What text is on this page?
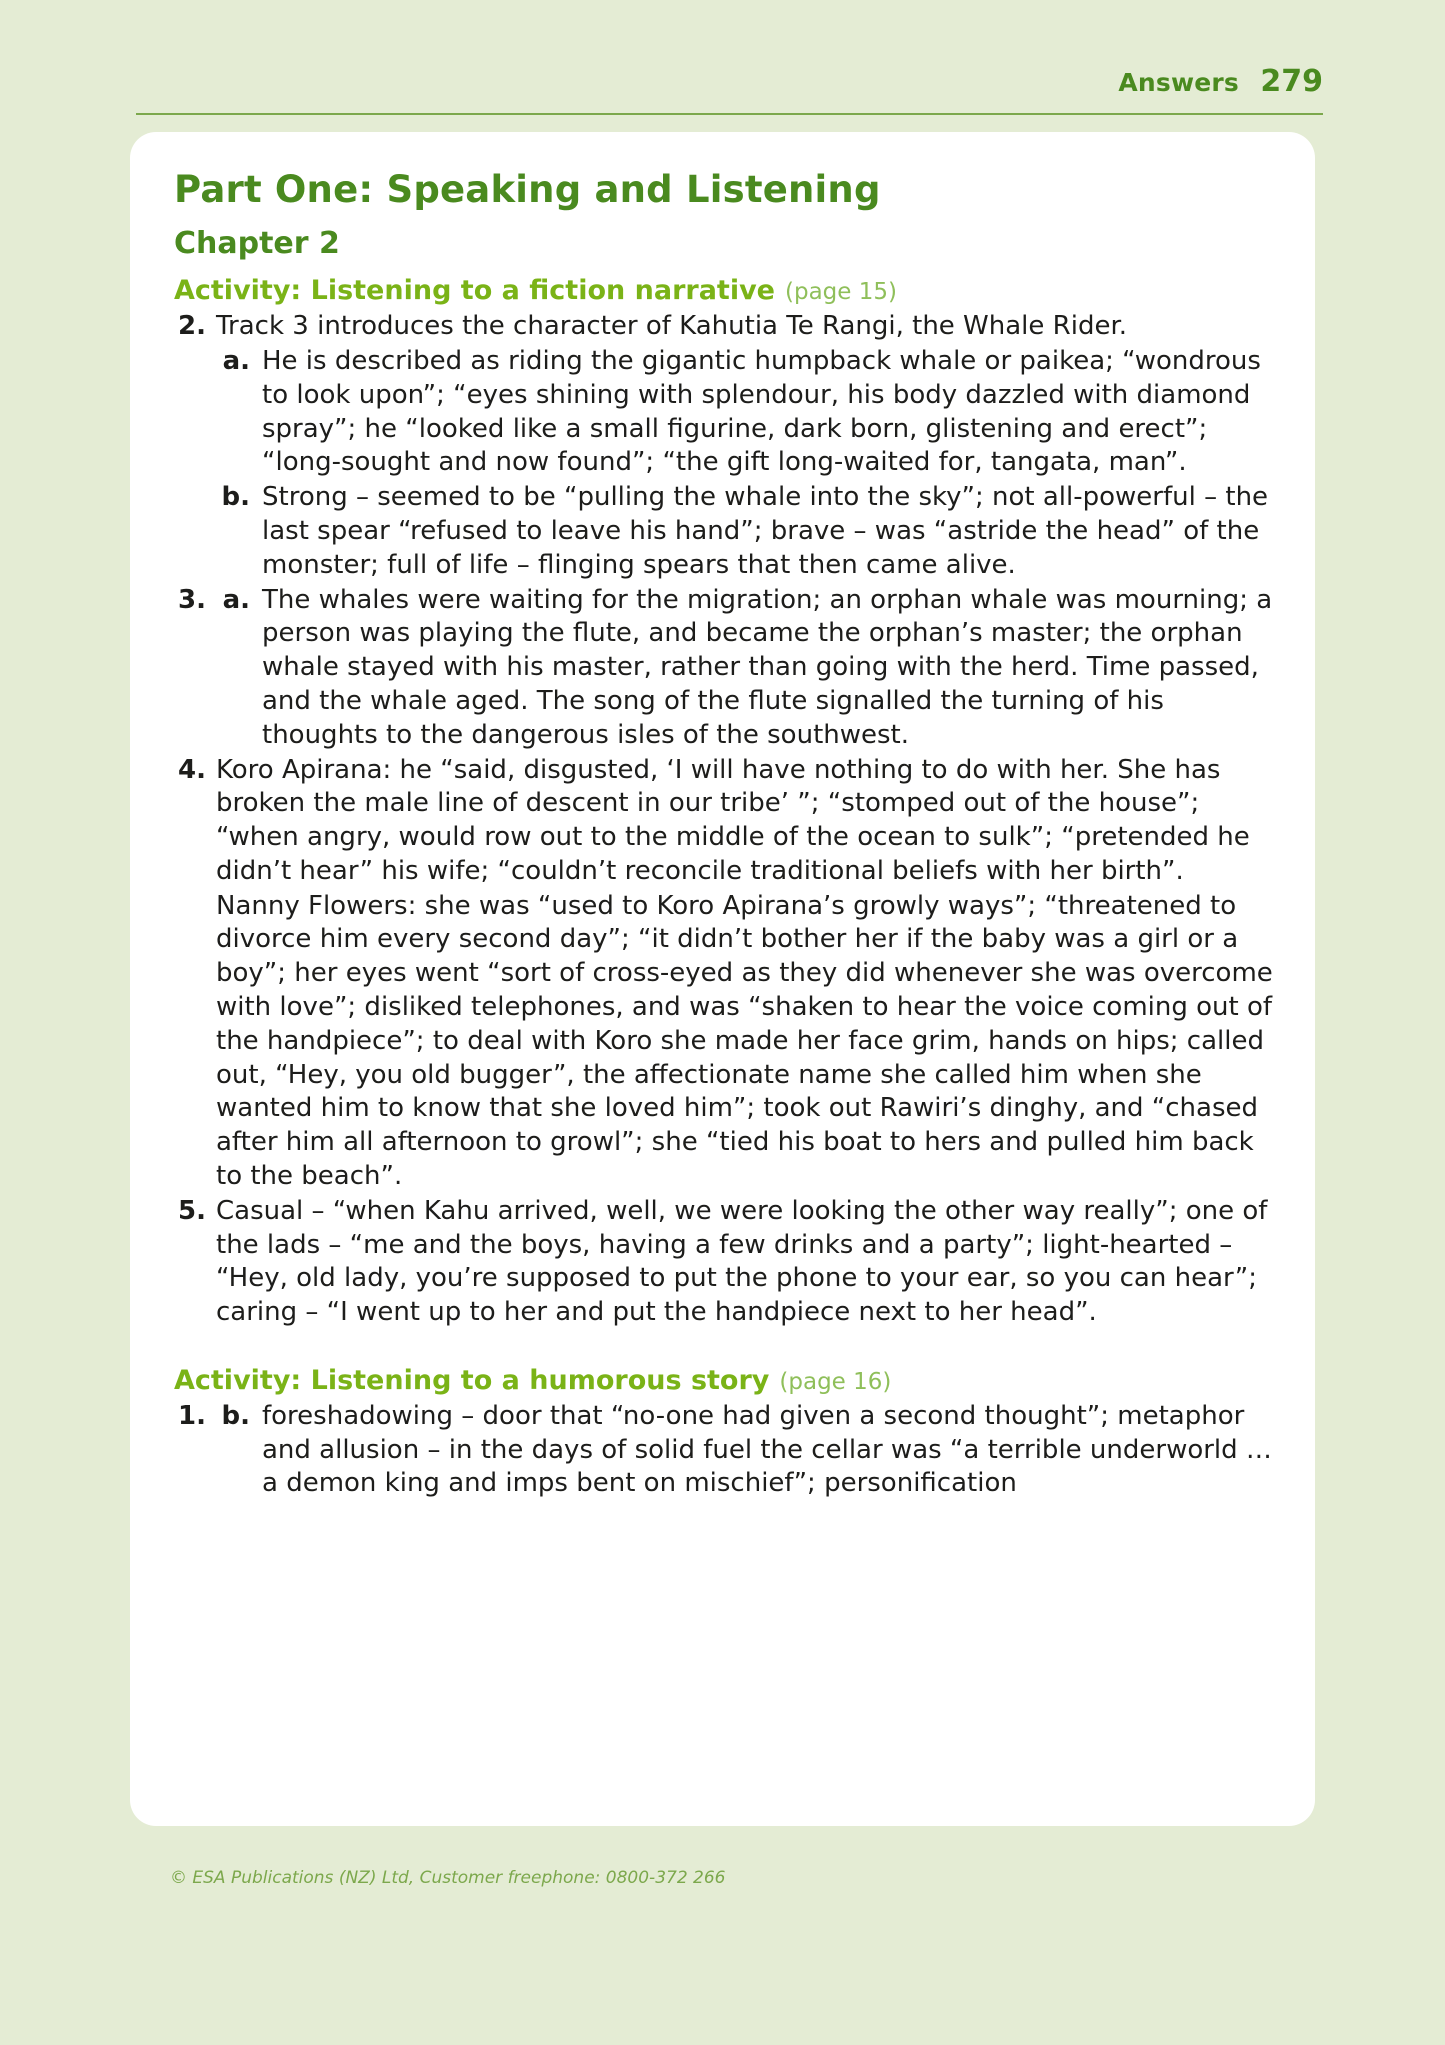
Answers 279
Part One: Speaking and Listening
Chapter 2
Activity: Listening to a fiction narrative (page 15)
2. Track 3 introduces the character of Kahutia Te Rangi, the Whale Rider.
a. He is described as riding the gigantic humpback whale or paikea; “wondrous to look upon”; “eyes shining with splendour, his body dazzled with diamond spray”; he “looked like a small figurine, dark born, glistening and erect”; “long-sought and now found”; “the gift long-waited for, tangata, man”.
b. Strong – seemed to be “pulling the whale into the sky”; not all-powerful – the last spear “refused to leave his hand”; brave – was “astride the head” of the monster; full of life – flinging spears that then came alive.
3. a. The whales were waiting for the migration; an orphan whale was mourning; a person was playing the flute, and became the orphan’s master; the orphan whale stayed with his master, rather than going with the herd. Time passed, and the whale aged. The song of the flute signalled the turning of his thoughts to the dangerous isles of the southwest.
4. Koro Apirana: he “said, disgusted, ‘I will have nothing to do with her. She has broken the male line of descent in our tribe’ ”; “stomped out of the house”; “when angry, would row out to the middle of the ocean to sulk”; “pretended he didn’t hear” his wife; “couldn’t reconcile traditional beliefs with her birth”.
Nanny Flowers: she was “used to Koro Apirana’s growly ways”; “threatened to divorce him every second day”; “it didn’t bother her if the baby was a girl or a boy”; her eyes went “sort of cross-eyed as they did whenever she was overcome with love”; disliked telephones, and was “shaken to hear the voice coming out of the handpiece”; to deal with Koro she made her face grim, hands on hips; called out, “Hey, you old bugger”, the affectionate name she called him when she wanted him to know that she loved him”; took out Rawiri’s dinghy, and “chased after him all afternoon to growl”; she “tied his boat to hers and pulled him back to the beach”.
5. Casual – “when Kahu arrived, well, we were looking the other way really”; one of the lads – “me and the boys, having a few drinks and a party”; light-hearted – “Hey, old lady, you’re supposed to put the phone to your ear, so you can hear”; caring – “I went up to her and put the handpiece next to her head”.
Activity: Listening to a humorous story (page 16)
1. b. foreshadowing – door that “no-one had given a second thought”; metaphor and allusion – in the days of solid fuel the cellar was “a terrible underworld … a demon king and imps bent on mischief”; personification
© ESA Publications (NZ) Ltd, Customer freephone: 0800-372 266
